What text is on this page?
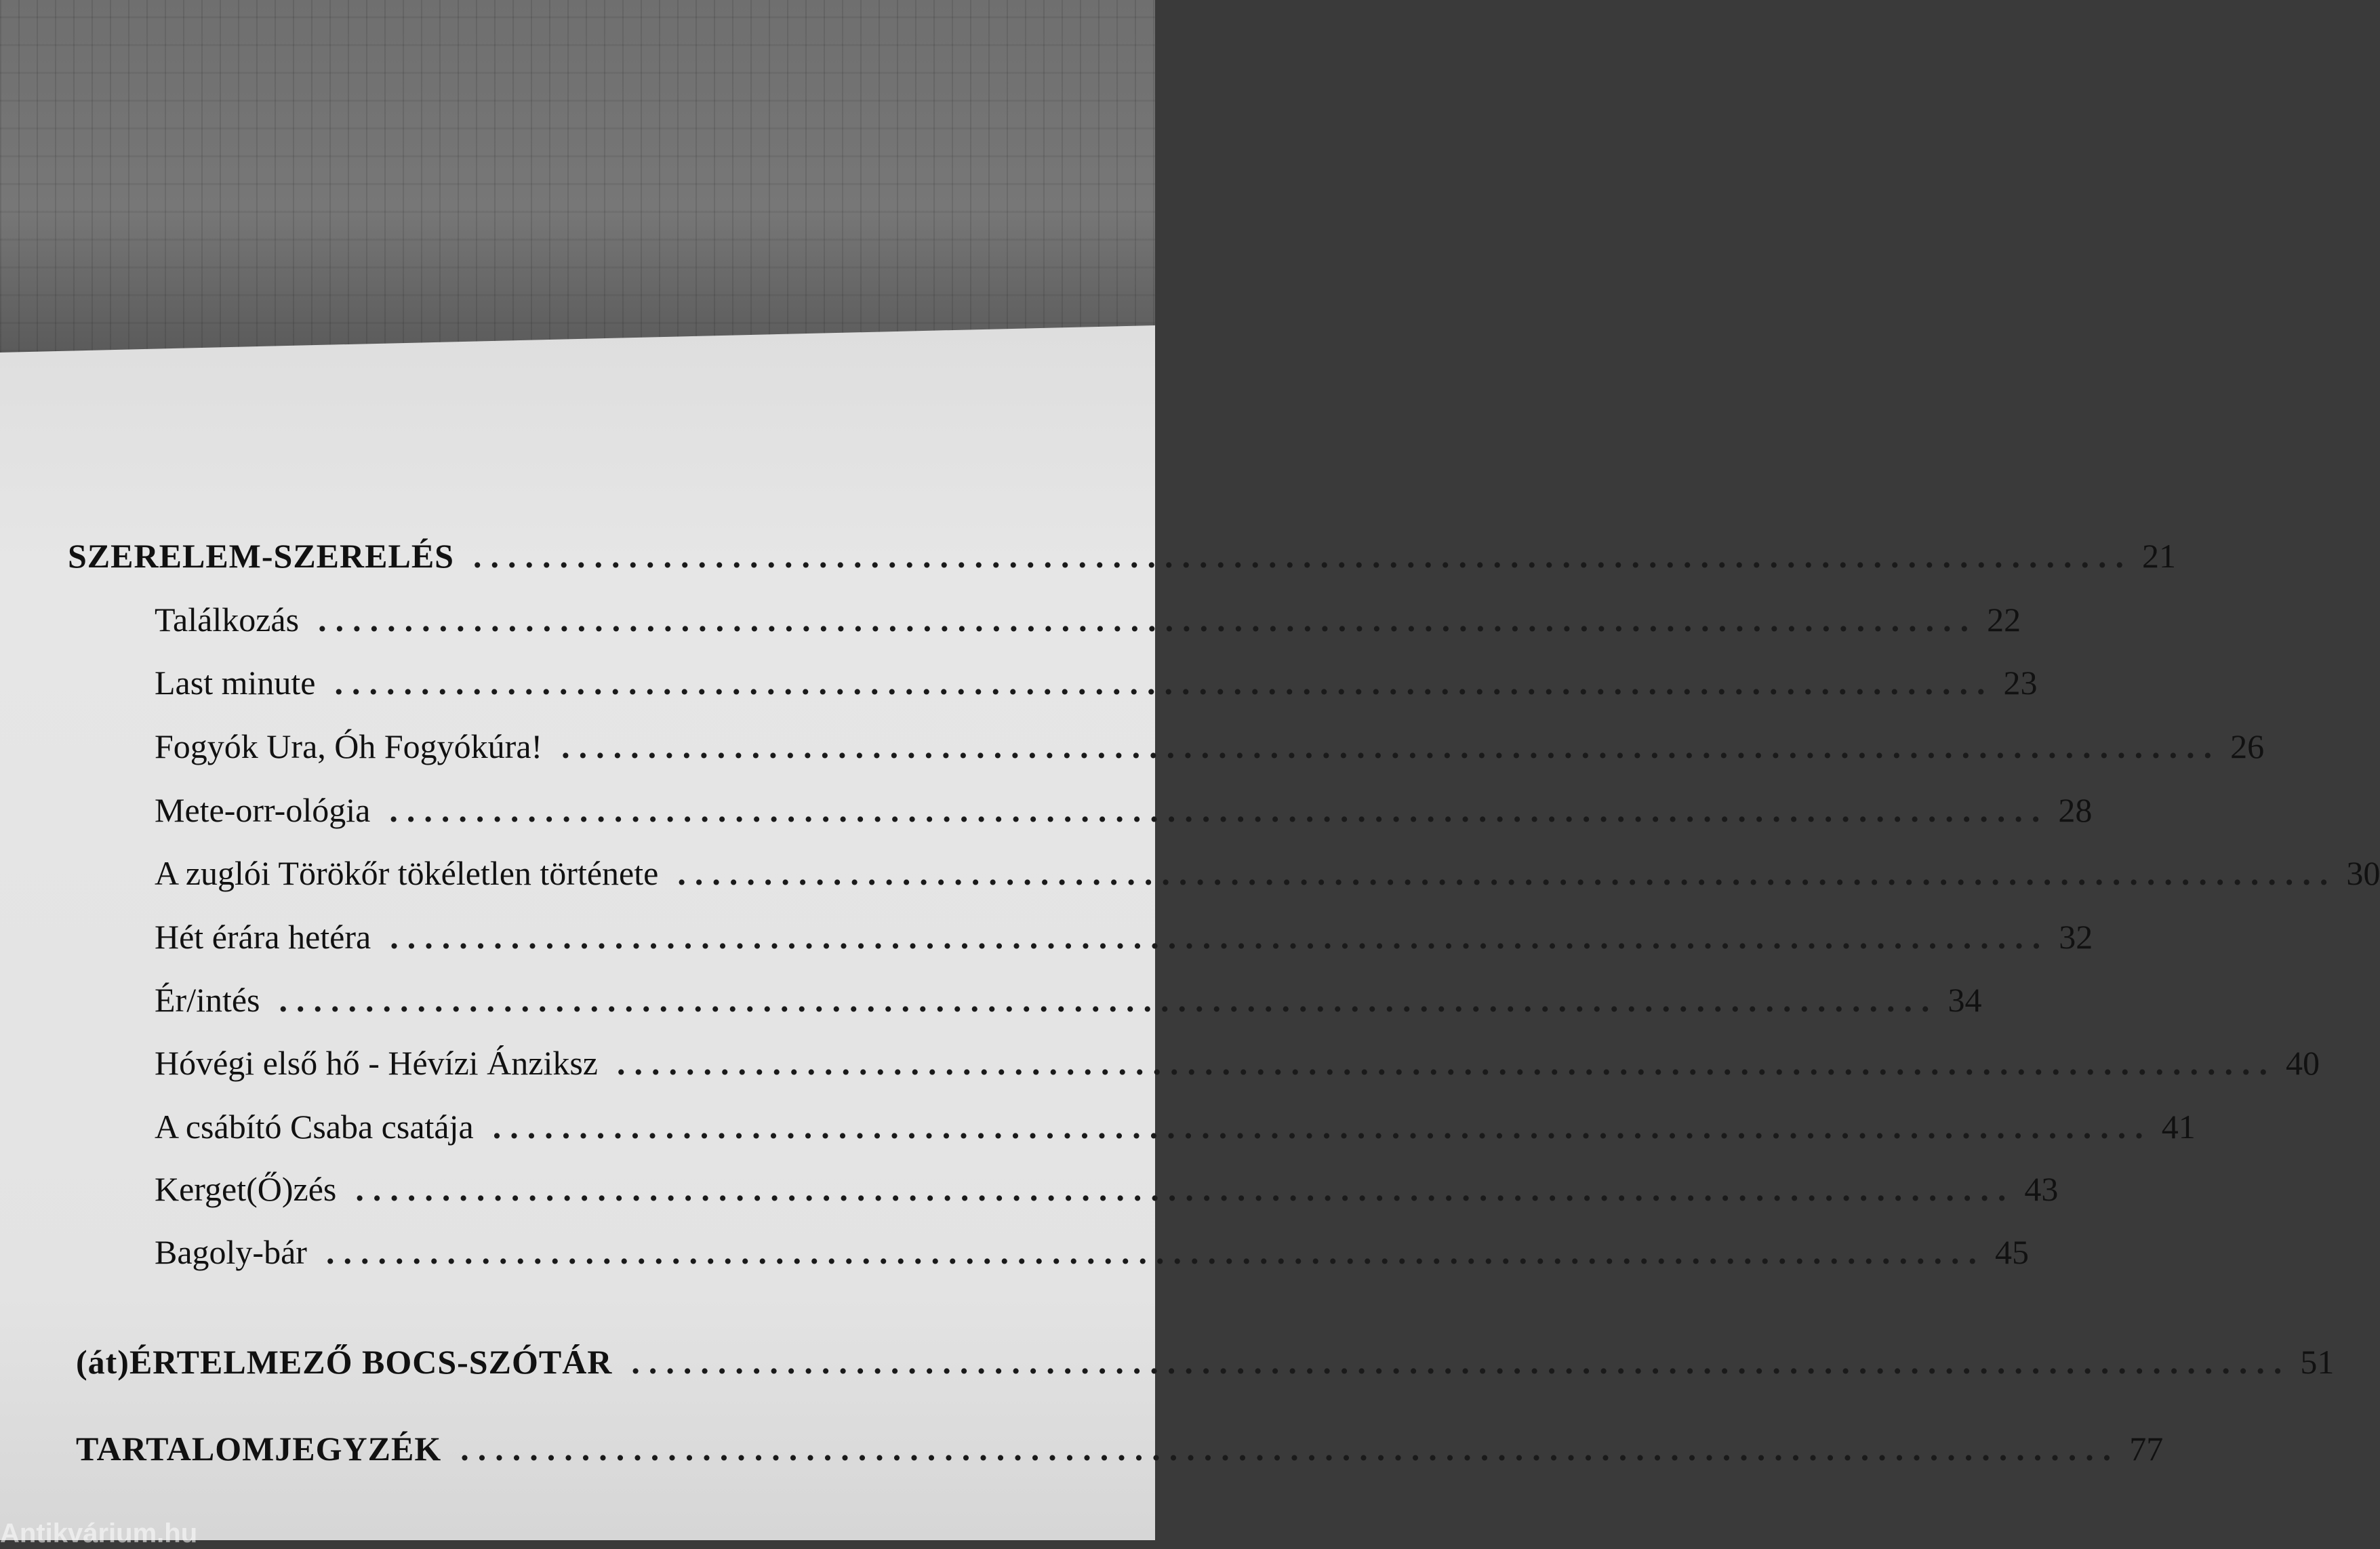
SZERELEM-SZERELÉS ................................................................................................ 21
Találkozás ................................................................................................ 22
Last minute ................................................................................................ 23
Fogyók Ura, Óh Fogyókúra! ................................................................................................ 26
Mete-orr-ológia ................................................................................................ 28
A zuglói Törökőr tökéletlen története ................................................................................................ 30
Hét érára hetéra ................................................................................................ 32
Ér/intés ................................................................................................ 34
Hóvégi első hő - Hévízi Ánziksz ................................................................................................ 40
A csábító Csaba csatája ................................................................................................ 41
Kerget(Ő)zés ................................................................................................ 43
Bagoly-bár ................................................................................................ 45
(át)ÉRTELMEZŐ BOCS-SZÓTÁR ................................................................................................ 51
TARTALOMJEGYZÉK ................................................................................................ 77
Antikvárium.hu
